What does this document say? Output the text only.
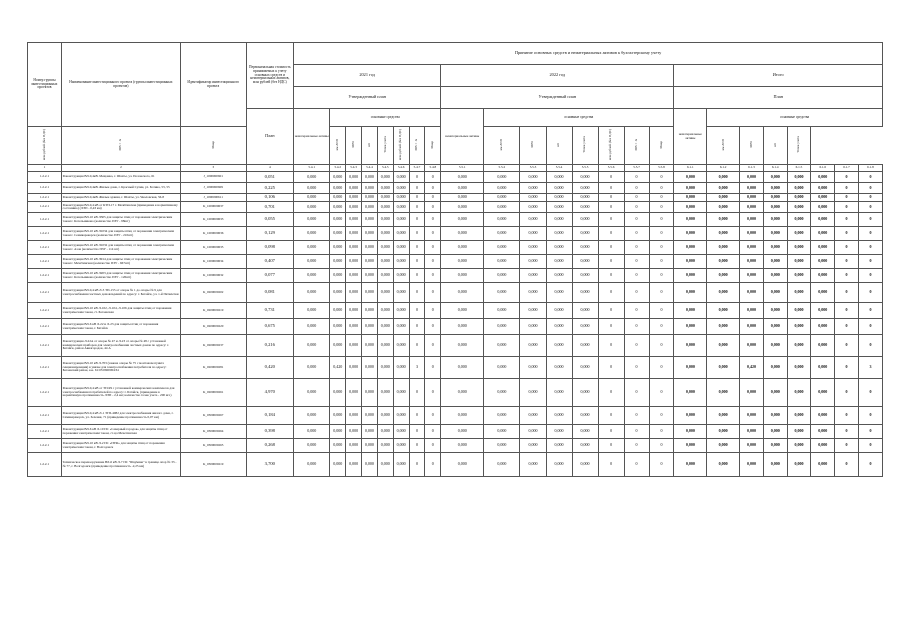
Номер группы инвестиционных проектов	Наименование инвестиционного проекта (группы инвестиционных проектов)	Идентификатор инвестиционного проекта	Первоначальная стоимость принимаемых к учету основных средств и нематериальных активов, млн рублей (без НДС)	Принятие основных средств и нематериальных активов к бухгалтерскому учету																							
				2021 год								2022 год								Итого							
				Утвержденный план								Утвержденный план								План							
			План	нематериальные активы	основные средства							нематериальные активы	основные средства							нематериальные активы	основные средства						
млн рублей (без НДС)	МВ×А	Мвар			км ЛЭП	МВт	шт	Точек учета	млн рублей (без НДС)	МВ×А	Мвар		км ЛЭП	МВт	шт	Точек учета	млн рублей (без НДС)	МВ×А	Мвар		км ЛЭП	МВт	шт	Точек учета			
1	2	3	4	5.4.1	5.4.2	5.4.3	5.4.4	5.4.5	5.4.6	5.4.7	5.4.8	5.5.1	5.5.2	5.5.3	5.5.4	5.5.5	5.5.6	5.5.7	5.5.8	6.1.1	6.1.2	6.1.3	6.1.4	6.1.5	6.1.6	6.1.7	6.1.8
1.2.2.1	Реконструкция ВЛ-0,4кВ. Мещанка, г. Шахты, ул. Полонского, 61	J_1000000601	0,051	0,000	0,000	0,000	0,000	0,000	0,000	0	0	0,000	0,000	0,000	0,000	0,000	0	0	0	0,000	0,000	0,000	0,000	0,000	0,000	0	0
1.2.2.1	Реконструкция ВЛ-0,4кВ. Жилые дома, г. Красный Сулин, ул. Ботина, 53, 55	J_1000000609	0,225	0,000	0,000	0,000	0,000	0,000	0,000	0	0	0,000	0,000	0,000	0,000	0,000	0	0	0	0,000	0,000	0,000	0,000	0,000	0,000	0	0
1.2.2.1	Реконструкция ВЛ-0,4кВ. Жилые здания, г. Шахты, ул. Чкаловская, 56-8	J_1000000611	0,106	0,000	0,000	0,000	0,000	0,000	0,000	0	0	0,000	0,000	0,000	0,000	0,000	0	0	0	0,000	0,000	0,000	0,000	0,000	0,000	0	0
1.2.2.1	Реконструкция ВЛ-0,4 кВ от КТП-17 г. Мечётинская (приведение к нормативному состоянию) (ЛЭП - 0,43 км)	K_1000000637	0,701	0,000	0,000	0,000	0,000	0,000	0,000	0	0	0,000	0,000	0,000	0,000	0,000	0	0	0	0,000	0,000	0,000	0,000	0,000	0,000	0	0
1.2.2.1	Реконструкция ВЛ-10 кВ Л305 для защиты птиц от поражения электрическим током г. Котельниково (количество ПЗУ - 98шт)	K_1000000633	0,055	0,000	0,000	0,000	0,000	0,000	0,000	0	0	0,000	0,000	0,000	0,000	0,000	0	0	0	0,000	0,000	0,000	0,000	0,000	0,000	0	0
1.2.2.1	Реконструкция ВЛ-10 кВ Л1034 для защиты птиц от поражения электрическим током г. Семикаракорск (количество ПЗУ - 210шт)	K_1000000636	0,129	0,000	0,000	0,000	0,000	0,000	0,000	0	0	0,000	0,000	0,000	0,000	0,000	0	0	0	0,000	0,000	0,000	0,000	0,000	0,000	0	0
1.2.2.1	Реконструкция ВЛ-10 кВ Л1032 для защиты птиц от поражения электрическим током г. Азов (количество ПЗУ - 114 шт)	K_1000000635	0,098	0,000	0,000	0,000	0,000	0,000	0,000	0	0	0,000	0,000	0,000	0,000	0,000	0	0	0	0,000	0,000	0,000	0,000	0,000	0,000	0	0
1.2.2.1	Реконструкция ВЛ-10 кВ Л914 для защиты птиц от поражения электрическим током г. Мечётинская (количество ПЗУ - 667шт)	K_1000000634	0,407	0,000	0,000	0,000	0,000	0,000	0,000	0	0	0,000	0,000	0,000	0,000	0,000	0	0	0	0,000	0,000	0,000	0,000	0,000	0,000	0	0
1.2.2.1	Реконструкция ВЛ-10 кВ Л203 для защиты птиц от поражения электрическим током г. Котельниково (количество ПЗУ - 126шт)	K_1000000632	0,077	0,000	0,000	0,000	0,000	0,000	0,000	0	0	0,000	0,000	0,000	0,000	0,000	0	0	0	0,000	0,000	0,000	0,000	0,000	0,000	0	0
1.2.2.1	Реконструкция ВЛ-0,4 кВ Л-3 ТП-155 от опоры № 1 до опоры № 9 для электроснабжения частных домовладений по адресу: г. Батайск, ул. 1-й Пятилетки	K_0200000202	0,081	0,000	0,000	0,000	0,000	0,000	0,000	0	0	0,000	0,000	0,000	0,000	0,000	0	0	0	0,000	0,000	0,000	0,000	0,000	0,000	0	0
1.2.2.1	Реконструкция ВЛ-10 кВ Л-102, Л-104, Л-106 для защиты птиц от поражения электрическим током, ст. Багаевская	K_0200000219	0,731	0,000	0,000	0,000	0,000	0,000	0,000	0	0	0,000	0,000	0,000	0,000	0,000	0	0	0	0,000	0,000	0,000	0,000	0,000	0,000	0	0
1.2.2.1	Реконструкция ВЛ-6 кВ Л-22 и Л-23 для защиты птиц от поражения электрическим током, г. Батайск	K_0200000220	0,675	0,000	0,000	0,000	0,000	0,000	0,000	0	0	0,000	0,000	0,000	0,000	0,000	0	0	0	0,000	0,000	0,000	0,000	0,000	0,000	0	0
1.2.2.1	Реконструкция Л-22А от опоры № 47 и Л-23 от опоры № 48 с установкой коммерческих приборов для электроснабжения частных домов по адресу: г. Батайск, район Авиагородок, 44 А	K_0200000237	0,216	0,000	0,000	0,000	0,000	0,000	0,000	0	0	0,000	0,000	0,000	0,000	0,000	0	0	0	0,000	0,000	0,000	0,000	0,000	0,000	0	0
1.2.2.1	Реконструкция ВЛ-10 кВ Л-703 (замена опоры № 75 с монтажом пункта секционирования) в увязке для электроснабжения потребителя по адресу: Багаевский район, к.н. 61:03:0600004:61	K_0200000281	0,420	0,000	0,420	0,000	0,000	0,000	0,000	3	0	0,000	0,000	0,000	0,000	0,000	0	0	0	0,000	0,000	0,420	0,000	0,000	0,000	0	3
1.2.2.1	Реконструкция ВЛ-0,4 кВ от ТП-99 с установкой коммерческих комплексов для электроснабжения потребителей по адресу: г. Батайск, (приведение в нормативную протяженность ЛЭП - 2,4 км; количество точек учета - 200 шт.)	K_0200000261	4,970	0,000	0,000	0,000	0,000	0,000	0,000	0	0	0,000	0,000	0,000	0,000	0,000	0	0	0	0,000	0,000	0,000	0,000	0,000	0,000	0	0
1.2.2.1	Реконструкция ВЛ-0,4 кВ Л-1 ЗТП-4082 для электроснабжения жилого дома, г. Семикаракорск, ул. Зеленая, 71 (приведение протяженность 0,07 км)	K_0300000267	0,184	0,000	0,000	0,000	0,000	0,000	0,000	0	0	0,000	0,000	0,000	0,000	0,000	0	0	0	0,000	0,000	0,000	0,000	0,000	0,000	0	0
1.2.2.1	Реконструкция ВЛ-6 кВ Л-10 ПС «Северный городок» для защиты птиц от поражения электрическим током, ст-ца Мечетинская	K_0300000264	0,398	0,000	0,000	0,000	0,000	0,000	0,000	0	0	0,000	0,000	0,000	0,000	0,000	0	0	0	0,000	0,000	0,000	0,000	0,000	0,000	0	0
1.2.2.1	Реконструкция ВЛ-10 кВ Л-2 ПС «ПТФ» для защиты птиц от поражения электрическим током, г. Волгодонск	K_0300000265	0,268	0,000	0,000	0,000	0,000	0,000	0,000	0	0	0,000	0,000	0,000	0,000	0,000	0	0	0	0,000	0,000	0,000	0,000	0,000	0,000	0	0
1.2.2.1	Техническое перевооружение ВЛ-6 кВ Л-7 ПС "Шаумяне" в границе опор № 33 - № 77, г. Волгодонск (приведение протяженность -2,25 км)	K_0300000219	3,700	0,000	0,000	0,000	0,000	0,000	0,000	0	0	0,000	0,000	0,000	0,000	0,000	0	0	0	0,000	0,000	0,000	0,000	0,000	0,000	0	0
